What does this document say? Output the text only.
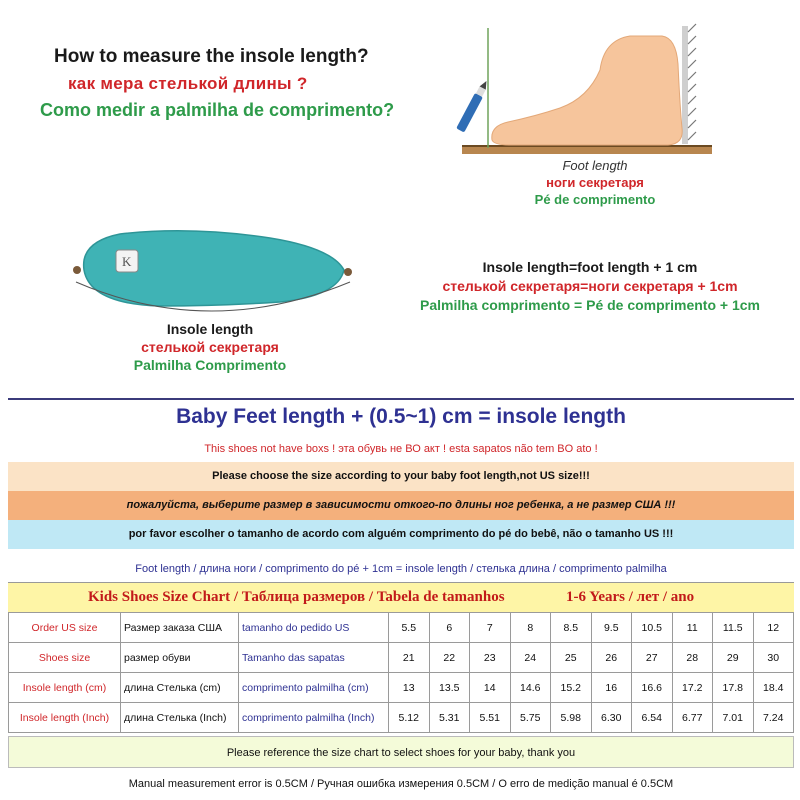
How to measure the insole length?
как мера стелькой длины ?
Como medir a palmilha de comprimento?
Foot length
ноги секретаря
Pé de comprimento
K
Insole length
стелькой секретаря
Palmilha Comprimento
Insole length=foot length + 1 cm
стелькой секретаря=ноги секретаря + 1cm
Palmilha comprimento = Pé de comprimento + 1cm
Baby Feet length + (0.5~1) cm = insole length
This shoes not have boxs ! эта обувь не ВО акт ! esta sapatos não tem BO ato !
Please choose the size according to your baby foot length,not US size!!!
пожалуйста, выберите размер в зависимости откого-по длины ног ребенка, а не размер США !!!
por favor escolher o tamanho de acordo com alguém comprimento do pé do bebê, não o tamanho US !!!
Foot length / длина ноги / comprimento do pé + 1cm = insole length / стелька длина / comprimento palmilha
Kids Shoes Size Chart / Таблица размеров / Tabela de tamanhos	1-6 Years / лет / ano
Order US size	Размер заказа США	tamanho do pedido US	5.5	6	7	8	8.5	9.5	10.5	11	11.5	12
Shoes size	размер обуви	Tamanho das sapatas	21	22	23	24	25	26	27	28	29	30
Insole length (cm)	длина Стелька (cm)	comprimento palmilha (cm)	13	13.5	14	14.6	15.2	16	16.6	17.2	17.8	18.4
Insole length (Inch)	длина Стелька (Inch)	comprimento palmilha (Inch)	5.12	5.31	5.51	5.75	5.98	6.30	6.54	6.77	7.01	7.24
Please reference the size chart to select shoes for your baby, thank you
Manual measurement error is 0.5CM / Ручная ошибка измерения 0.5CM / O erro de medição manual é 0.5CM
